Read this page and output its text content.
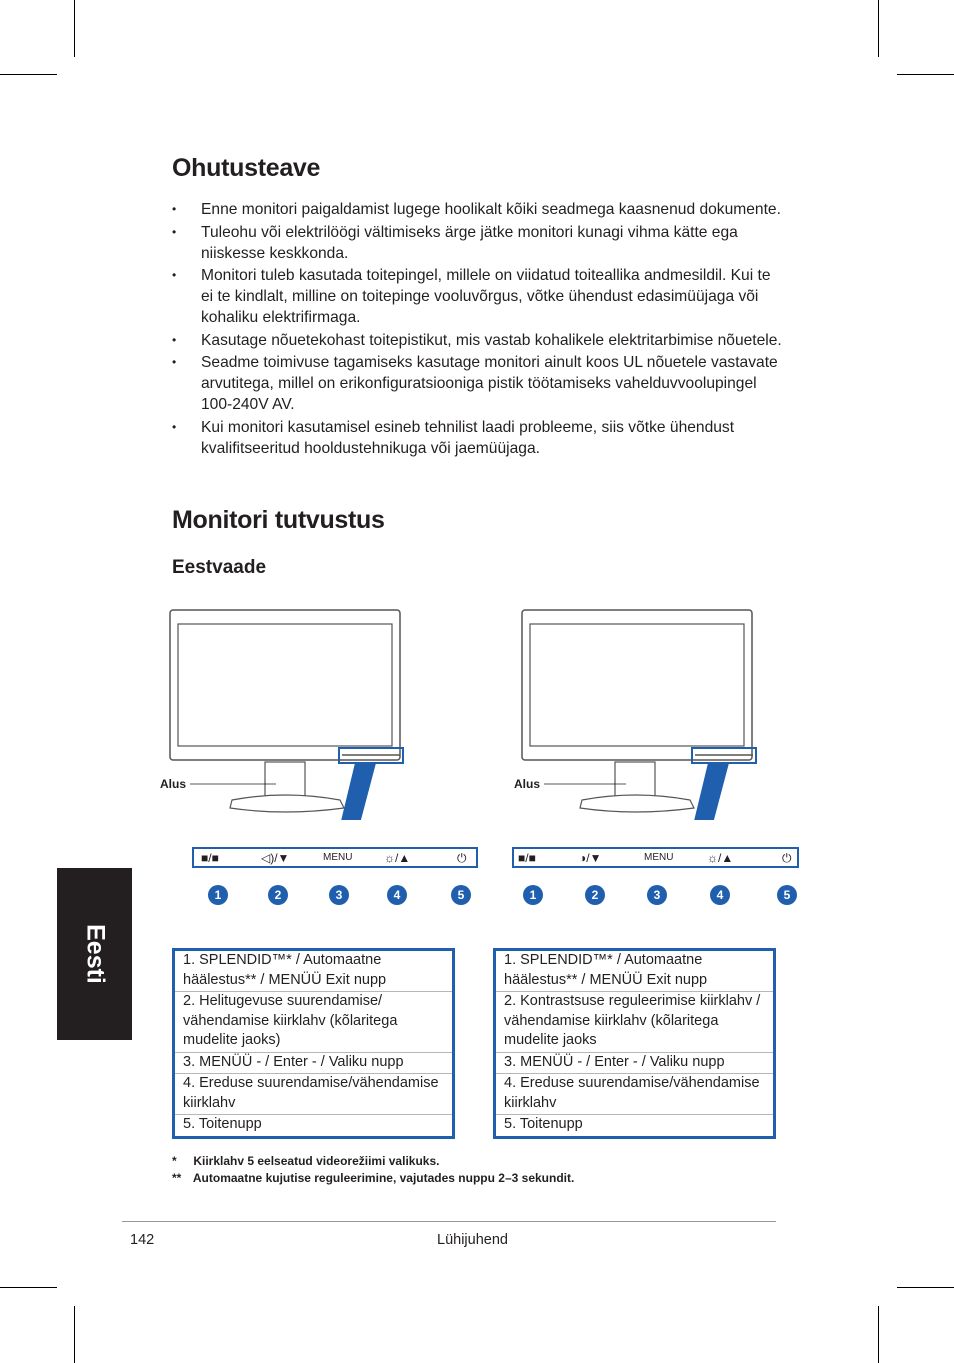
Ohutusteave
• Enne monitori paigaldamist lugege hoolikalt kõiki seadmega kaasnenud dokumente.
• Tuleohu või elektrilöögi vältimiseks ärge jätke monitori kunagi vihma kätte ega niiskesse keskkonda.
• Monitori tuleb kasutada toitepingel, millele on viidatud toiteallika andmesildil. Kui te ei te kindlalt, milline on toitepinge vooluvõrgus, võtke ühendust edasimüüjaga või kohaliku elektrifirmaga.
• Kasutage nõuetekohast toitepistikut, mis vastab kohalikele elektritarbimise nõuetele.
• Seadme toimivuse tagamiseks kasutage monitori ainult koos UL nõuetele vastavate arvutitega, millel on erikonfiguratsiooniga pistik töötamiseks vahelduvvoolupingel 100-240V AV.
• Kui monitori kasutamisel esineb tehnilist laadi probleeme, siis võtke ühendust kvalifitseeritud hooldustehnikuga või jaemüüjaga.
Monitori tutvustus
Eestvaade
Eesti
Alus
■/■	◁)/▼	MENU	☼/▲	⏻
1	2	3	4	5
Alus
■/■	◑/▼	MENU	☼/▲	⏻
1	2	3	4	5
1. SPLENDID™* / Automaatne häälestus** / MENÜÜ Exit nupp
2. Helitugevuse suurendamise/ vähendamise kiirklahv (kõlaritega mudelite jaoks)
3. MENÜÜ - / Enter - / Valiku nupp
4. Ereduse suurendamise/vähendamise kiirklahv
5. Toitenupp
1. SPLENDID™* / Automaatne häälestus** / MENÜÜ Exit nupp
2. Kontrastsuse reguleerimise kiirklahv / vähendamise kiirklahv (kõlaritega mudelite jaoks
3. MENÜÜ - / Enter - / Valiku nupp
4. Ereduse suurendamise/vähendamise kiirklahv
5. Toitenupp
* Kiirklahv 5 eelseatud videorežiimi valikuks.
** Automaatne kujutise reguleerimine, vajutades nuppu 2–3 sekundit.
142	Lühijuhend
